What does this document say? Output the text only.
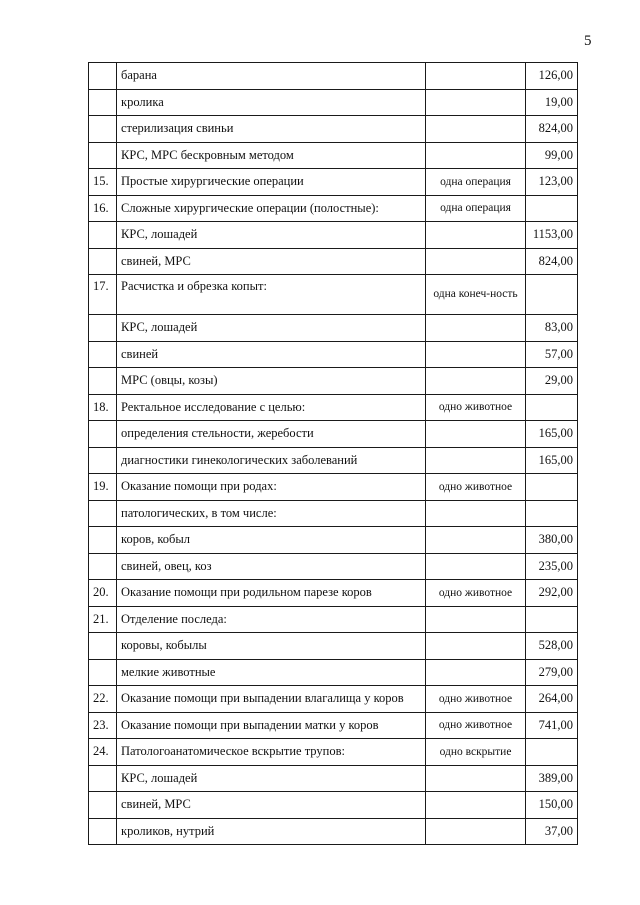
5
	барана		126,00
	кролика		19,00
	стерилизация свиньи		824,00
	КРС, МРС бескровным методом		99,00
15.	Простые хирургические операции	одна операция	123,00
16.	Сложные хирургические операции (полостные):	одна операция	
	КРС, лошадей		1153,00
	свиней, МРС		824,00
17.	Расчистка и обрезка копыт:	одна конеч-ность	
	КРС, лошадей		83,00
	свиней		57,00
	МРС (овцы, козы)		29,00
18.	Ректальное исследование с целью:	одно животное	
	определения стельности, жеребости		165,00
	диагностики гинекологических заболеваний		165,00
19.	Оказание помощи при родах:	одно животное	
	патологических, в том числе:		
	коров, кобыл		380,00
	свиней, овец, коз		235,00
20.	Оказание помощи при родильном парезе коров	одно животное	292,00
21.	Отделение последа:		
	коровы, кобылы		528,00
	мелкие животные		279,00
22.	Оказание помощи при выпадении влагалища у коров	одно животное	264,00
23.	Оказание помощи при выпадении матки у коров	одно животное	741,00
24.	Патологоанатомическое вскрытие трупов:	одно вскрытие	
	КРС, лошадей		389,00
	свиней, МРС		150,00
	кроликов, нутрий		37,00
